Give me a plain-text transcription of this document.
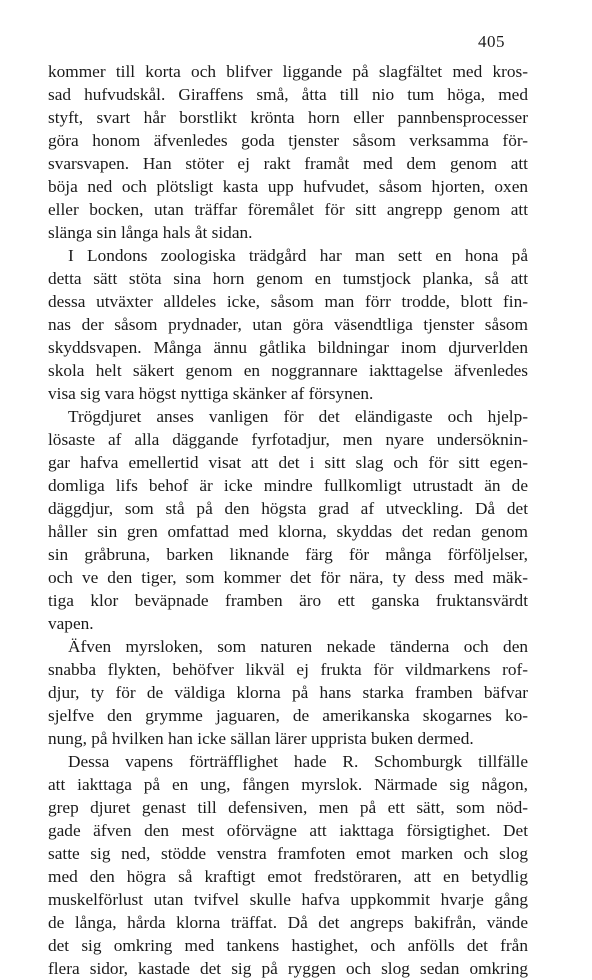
405
kommer till korta och blifver liggande på slagfältet med kros-
sad hufvudskål. Giraffens små, åtta till nio tum höga, med
styft, svart hår borstlikt krönta horn eller pannbensprocesser
göra honom äfvenledes goda tjenster såsom verksamma för-
svarsvapen. Han stöter ej rakt framåt med dem genom att
böja ned och plötsligt kasta upp hufvudet, såsom hjorten, oxen
eller bocken, utan träffar föremålet för sitt angrepp genom att
slänga sin långa hals åt sidan.
I Londons zoologiska trädgård har man sett en hona på
detta sätt stöta sina horn genom en tumstjock planka, så att
dessa utväxter alldeles icke, såsom man förr trodde, blott fin-
nas der såsom prydnader, utan göra väsendtliga tjenster såsom
skyddsvapen. Många ännu gåtlika bildningar inom djurverlden
skola helt säkert genom en noggrannare iakttagelse äfvenledes
visa sig vara högst nyttiga skänker af försynen.
Trögdjuret anses vanligen för det eländigaste och hjelp-
lösaste af alla däggande fyrfotadjur, men nyare undersöknin-
gar hafva emellertid visat att det i sitt slag och för sitt egen-
domliga lifs behof är icke mindre fullkomligt utrustadt än de
däggdjur, som stå på den högsta grad af utveckling. Då det
håller sin gren omfattad med klorna, skyddas det redan genom
sin gråbruna, barken liknande färg för många förföljelser,
och ve den tiger, som kommer det för nära, ty dess med mäk-
tiga klor beväpnade framben äro ett ganska fruktansvärdt
vapen.
Äfven myrsloken, som naturen nekade tänderna och den
snabba flykten, behöfver likväl ej frukta för vildmarkens rof-
djur, ty för de väldiga klorna på hans starka framben bäfvar
sjelfve den grymme jaguaren, de amerikanska skogarnes ko-
nung, på hvilken han icke sällan lärer upprista buken dermed.
Dessa vapens förträfflighet hade R. Schomburgk tillfälle
att iakttaga på en ung, fången myrslok. Närmade sig någon,
grep djuret genast till defensiven, men på ett sätt, som nöd-
gade äfven den mest oförvägne att iakttaga försigtighet. Det
satte sig ned, stödde venstra framfoten emot marken och slog
med den högra så kraftigt emot fredstöraren, att en betydlig
muskelförlust utan tvifvel skulle hafva uppkommit hvarje gång
de långa, hårda klorna träffat. Då det angreps bakifrån, vände
det sig omkring med tankens hastighet, och anfölls det från
flera sidor, kastade det sig på ryggen och slog sedan omkring
